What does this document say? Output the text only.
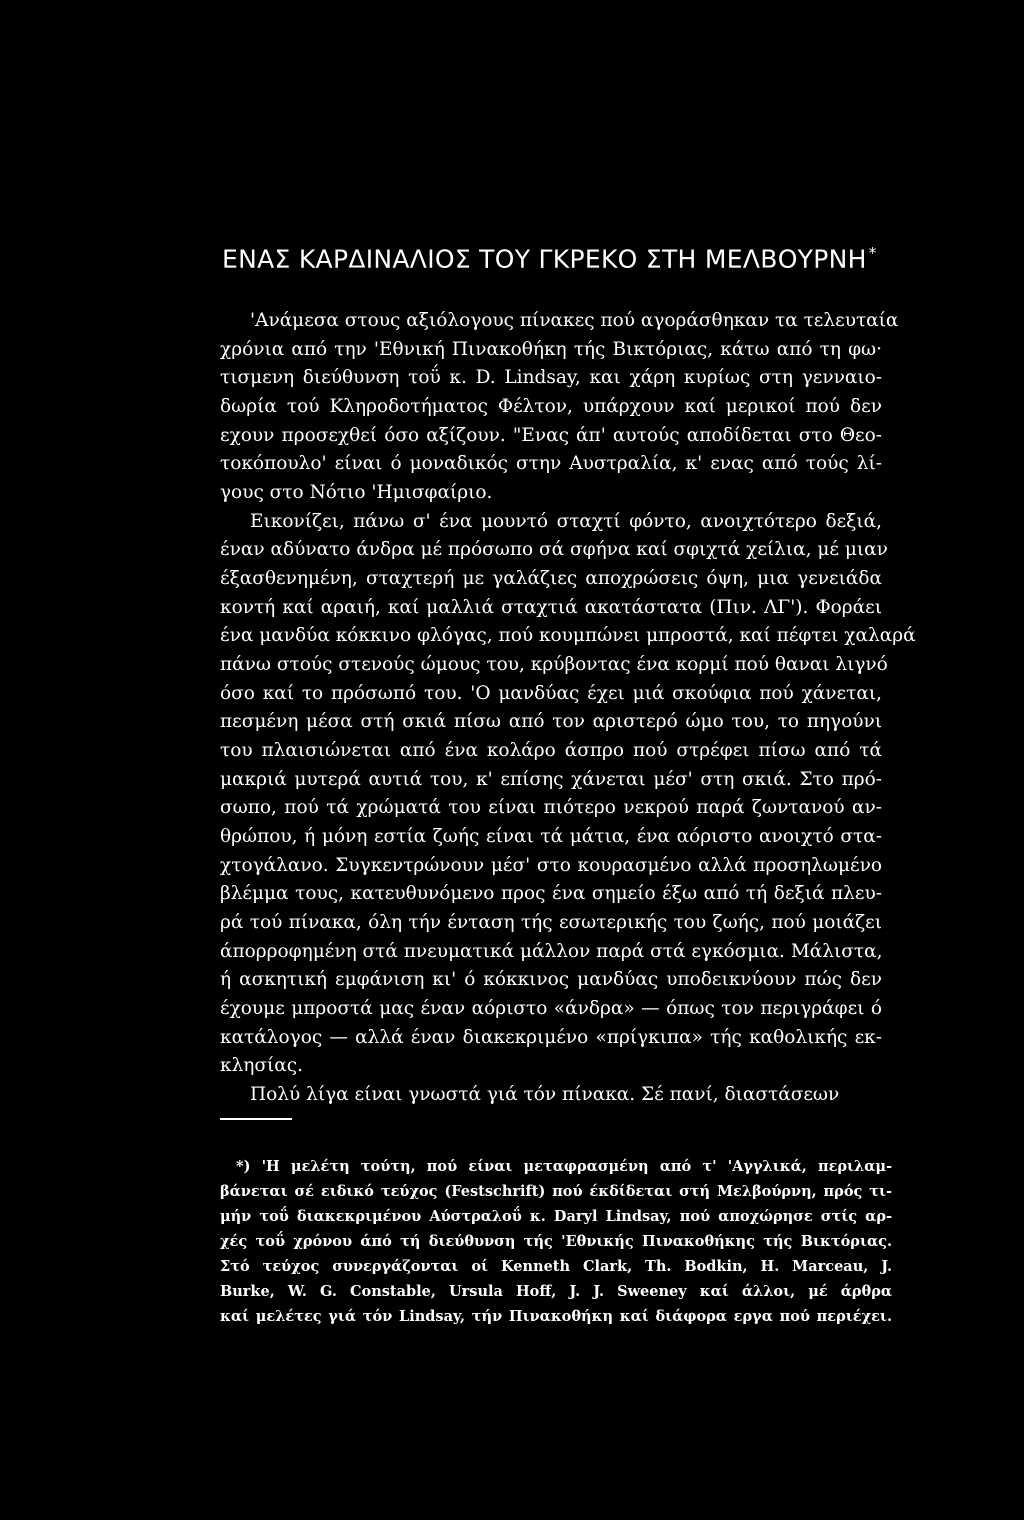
ΕΝΑΣ ΚΑΡΔΙΝΑΛΙΟΣ ΤΟΥ ΓΚΡΕΚΟ ΣΤΗ ΜΕΛΒΟΥΡΝΗ *
'Ανάμεσα στους αξιόλογους πίνακες πού αγοράσθηκαν τα τελευταία
χρόνια από την 'Εθνική Πινακοθήκη τής Βικτόριας, κάτω από τη φω·
τισμενη διεύθυνση τοΰ κ. D. Lindsay, και χάρη κυρίως στη γενναιο-
δωρία τού Κληροδοτήματος Φέλτον, υπάρχουν καί μερικοί πού δεν
εχουν προσεχθεί όσο αξίζουν. "Ενας άπ' αυτούς αποδίδεται στο Θεο-
τοκόπουλο' είναι ό μοναδικός στην Αυστραλία, κ' ενας από τούς λί-
γους στο Νότιο 'Ημισφαίριο.
Εικονίζει, πάνω σ' ένα μουντό σταχτί φόντο, ανοιχτότερο δεξιά,
έναν αδύνατο άνδρα μέ πρόσωπο σά σφήνα καί σφιχτά χείλια, μέ μιαν
έξασθενημένη, σταχτερή με γαλάζιες αποχρώσεις όψη, μια γενειάδα
κοντή καί αραιή, καί μαλλιά σταχτιά ακατάστατα (Πιν. ΛΓ'). Φοράει
ένα μανδύα κόκκινο φλόγας, πού κουμπώνει μπροστά, καί πέφτει χαλαρά
πάνω στούς στενούς ώμους του, κρύβοντας ένα κορμί πού θαναι λιγνό
όσο καί το πρόσωπό του. 'Ο μανδύας έχει μιά σκούφια πού χάνεται,
πεσμένη μέσα στή σκιά πίσω από τον αριστερό ώμο του, το πηγούνι
του πλαισιώνεται από ένα κολάρο άσπρο πού στρέφει πίσω από τά
μακριά μυτερά αυτιά του, κ' επίσης χάνεται μέσ' στη σκιά. Στο πρό-
σωπο, πού τά χρώματά του είναι πιότερο νεκρού παρά ζωντανού αν-
θρώπου, ή μόνη εστία ζωής είναι τά μάτια, ένα αόριστο ανοιχτό στα-
χτογάλανο. Συγκεντρώνουν μέσ' στο κουρασμένο αλλά προσηλωμένο
βλέμμα τους, κατευθυνόμενο προς ένα σημείο έξω από τή δεξιά πλευ-
ρά τού πίνακα, όλη τήν ένταση τής εσωτερικής του ζωής, πού μοιάζει
άπορροφημένη στά πνευματικά μάλλον παρά στά εγκόσμια. Μάλιστα,
ή ασκητική εμφάνιση κι' ό κόκκινος μανδύας υποδεικνύουν πώς δεν
έχουμε μπροστά μας έναν αόριστο «άνδρα» — όπως τον περιγράφει ό
κατάλογος — αλλά έναν διακεκριμένο «πρίγκιπα» τής καθολικής εκ-
κλησίας.
Πολύ λίγα είναι γνωστά γιά τόν πίνακα. Σέ πανί, διαστάσεων
*) 'Η μελέτη τούτη, πού είναι μεταφρασμένη από τ' 'Αγγλικά, περιλαμ-
βάνεται σέ ειδικό τεύχος (Festschrift) πού έκδίδεται στή Μελβούρνη, πρός τι-
μήν τοΰ διακεκριμένου Αύστραλοΰ κ. Daryl Lindsay, πού αποχώρησε στίς αρ-
χές τοΰ χρόνου άπό τή διεύθυνση τής 'Εθνικής Πινακοθήκης τής Βικτόριας.
Στό τεύχος συνεργάζονται οί Kenneth Clark, Th. Bodkin, Η. Marceau, J.
Burke, W. G. Constable, Ursula Hoff, J. J. Sweeney καί άλλοι, μέ άρθρα
καί μελέτες γιά τόν Lindsay, τήν Πινακοθήκη καί διάφορα εργα πού περιέχει.
